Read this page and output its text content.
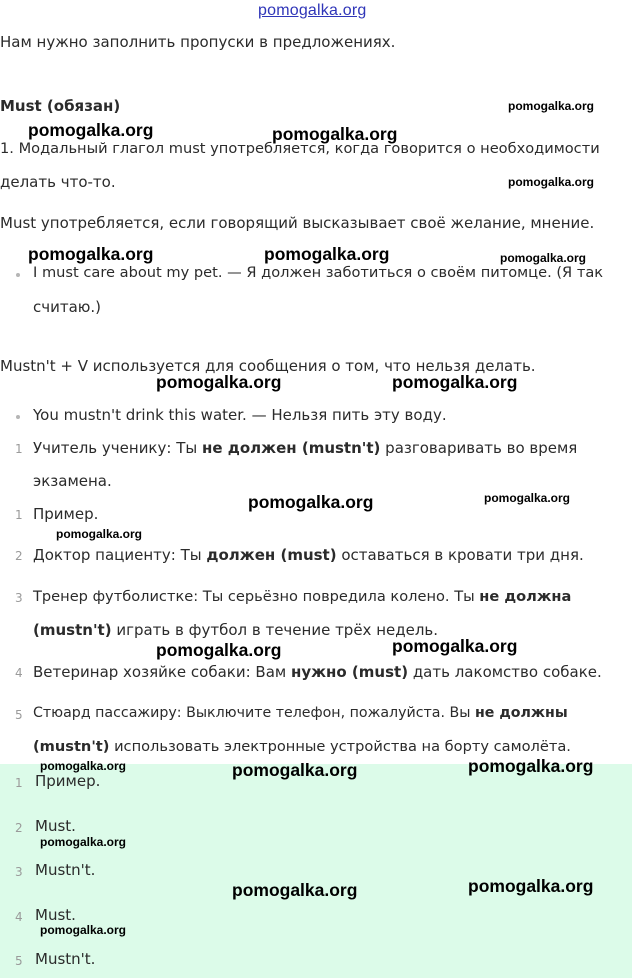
pomogalka.org
Нам нужно заполнить пропуски в предложениях.
Must (обязан)
1. Модальный глагол must употребляется, когда говорится о необходимости
делать что-то.
Must употребляется, если говорящий высказывает своё желание, мнение.
I must care about my pet. — Я должен заботиться о своём питомце. (Я так
считаю.)
Mustn't + V используется для сообщения о том, что нельзя делать.
You mustn't drink this water. — Нельзя пить эту воду.
1 Учитель ученику: Ты не должен (mustn't) разговаривать во время
экзамена.
1 Пример.
2 Доктор пациенту: Ты должен (must) оставаться в кровати три дня.
3 Тренер футболистке: Ты серьёзно повредила колено. Ты не должна
(mustn't) играть в футбол в течение трёх недель.
4 Ветеринар хозяйке собаки: Вам нужно (must) дать лакомство собаке.
5 Стюард пассажиру: Выключите телефон, пожалуйста. Вы не должны
(mustn't) использовать электронные устройства на борту самолёта.
1 Пример.
2 Must.
3 Mustn't.
4 Must.
5 Mustn't.
pomogalka.org	pomogalka.org
pomogalka.org
pomogalka.org
pomogalka.org	pomogalka.org	pomogalka.org
pomogalka.org	pomogalka.org
pomogalka.org	pomogalka.org
pomogalka.org
pomogalka.org	pomogalka.org
pomogalka.org	pomogalka.org	pomogalka.org
pomogalka.org
pomogalka.org	pomogalka.org
pomogalka.org
